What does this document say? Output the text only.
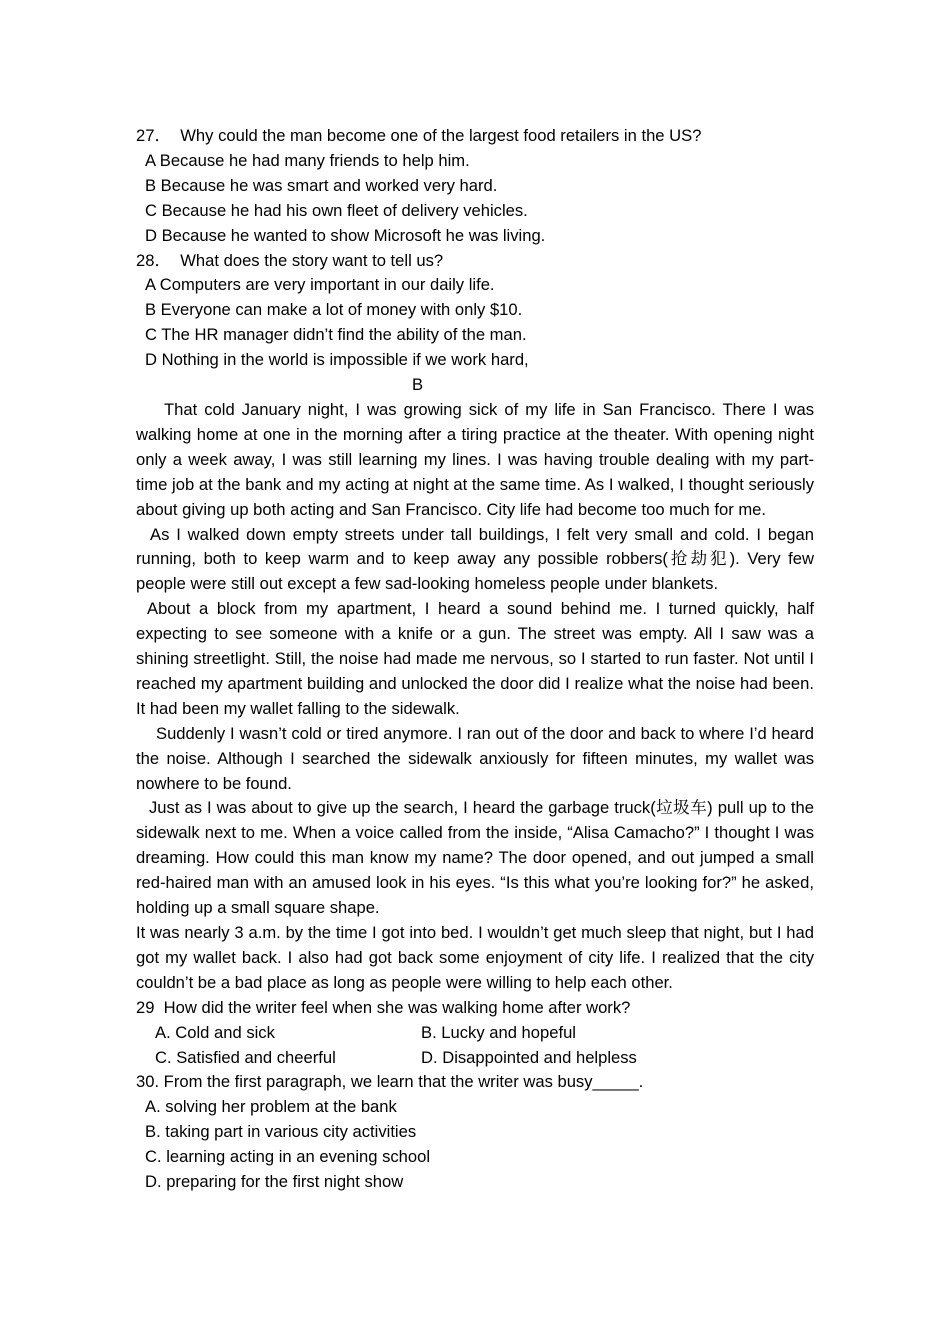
27．  Why could the man become one of the largest food retailers in the US?
A Because he had many friends to help him.
B Because he was smart and worked very hard.
C Because he had his own fleet of delivery vehicles.
D Because he wanted to show Microsoft he was living.
28．  What does the story want to tell us?
A Computers are very important in our daily life.
B Everyone can make a lot of money with only $10.
C The HR manager didn’t find the ability of the man.
D Nothing in the world is impossible if we work hard,
B
That cold January night, I was growing sick of my life in San Francisco. There I was walking home at one in the morning after a tiring practice at the theater. With opening night only a week away, I was still learning my lines. I was having trouble dealing with my part-time job at the bank and my acting at night at the same time. As I walked, I thought seriously about giving up both acting and San Francisco. City life had become too much for me.
As I walked down empty streets under tall buildings, I felt very small and cold. I began running, both to keep warm and to keep away any possible robbers(抢劫犯). Very few people were still out except a few sad-looking homeless people under blankets.
About a block from my apartment, I heard a sound behind me. I turned quickly, half expecting to see someone with a knife or a gun. The street was empty. All I saw was a shining streetlight. Still, the noise had made me nervous, so I started to run faster. Not until I reached my apartment building and unlocked the door did I realize what the noise had been. It had been my wallet falling to the sidewalk.
Suddenly I wasn’t cold or tired anymore. I ran out of the door and back to where I’d heard the noise. Although I searched the sidewalk anxiously for fifteen minutes, my wallet was nowhere to be found.
Just as I was about to give up the search, I heard the garbage truck(垃圾车) pull up to the sidewalk next to me. When a voice called from the inside, “Alisa Camacho?” I thought I was dreaming. How could this man know my name? The door opened, and out jumped a small red-haired man with an amused look in his eyes. “Is this what you’re looking for?” he asked, holding up a small square shape.
It was nearly 3 a.m. by the time I got into bed. I wouldn’t get much sleep that night, but I had got my wallet back. I also had got back some enjoyment of city life. I realized that the city couldn’t be a bad place as long as people were willing to help each other.
29  How did the writer feel when she was walking home after work?
A. Cold and sick	B. Lucky and hopeful
C. Satisfied and cheerful	D. Disappointed and helpless
30. From the first paragraph, we learn that the writer was busy_____.
A. solving her problem at the bank
B. taking part in various city activities
C. learning acting in an evening school
D. preparing for the first night show
